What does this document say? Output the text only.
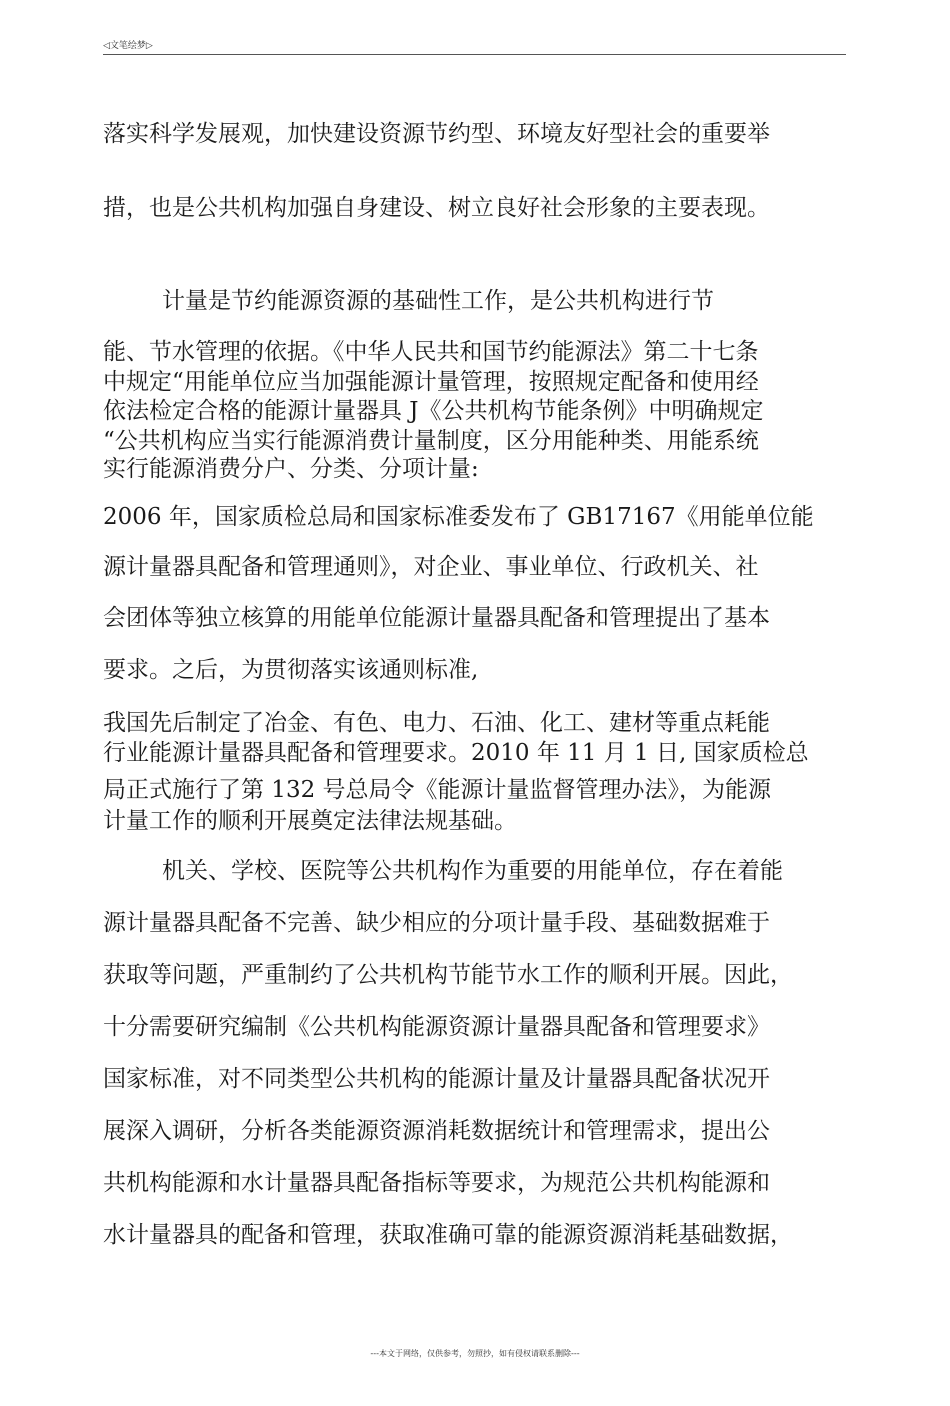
◁文笔绘梦▷
落实科学发展观，加快建设资源节约型、环境友好型社会的重要举
措，也是公共机构加强自身建设、树立良好社会形象的主要表现。
计量是节约能源资源的基础性工作，是公共机构进行节
能、节水管理的依据。《中华人民共和国节约能源法》第二十七条
中规定“用能单位应当加强能源计量管理，按照规定配备和使用经
依法检定合格的能源计量器具 J《公共机构节能条例》中明确规定
“公共机构应当实行能源消费计量制度，区分用能种类、用能系统
实行能源消费分户、分类、分项计量:
2006 年，国家质检总局和国家标准委发布了 GB17167《用能单位能
源计量器具配备和管理通则》，对企业、事业单位、行政机关、社
会团体等独立核算的用能单位能源计量器具配备和管理提出了基本
要求。之后，为贯彻落实该通则标准,
我国先后制定了冶金、有色、电力、石油、化工、建材等重点耗能
行业能源计量器具配备和管理要求。2010 年 11 月 1 日, 国家质检总
局正式施行了第 132 号总局令《能源计量监督管理办法》，为能源
计量工作的顺利开展奠定法律法规基础。
机关、学校、医院等公共机构作为重要的用能单位，存在着能
源计量器具配备不完善、缺少相应的分项计量手段、基础数据难于
获取等问题，严重制约了公共机构节能节水工作的顺利开展。因此，
十分需要研究编制《公共机构能源资源计量器具配备和管理要求》
国家标准，对不同类型公共机构的能源计量及计量器具配备状况开
展深入调研，分析各类能源资源消耗数据统计和管理需求，提出公
共机构能源和水计量器具配备指标等要求，为规范公共机构能源和
水计量器具的配备和管理，获取准确可靠的能源资源消耗基础数据，
---本文于网络，仅供参考，勿照抄，如有侵权请联系删除---
